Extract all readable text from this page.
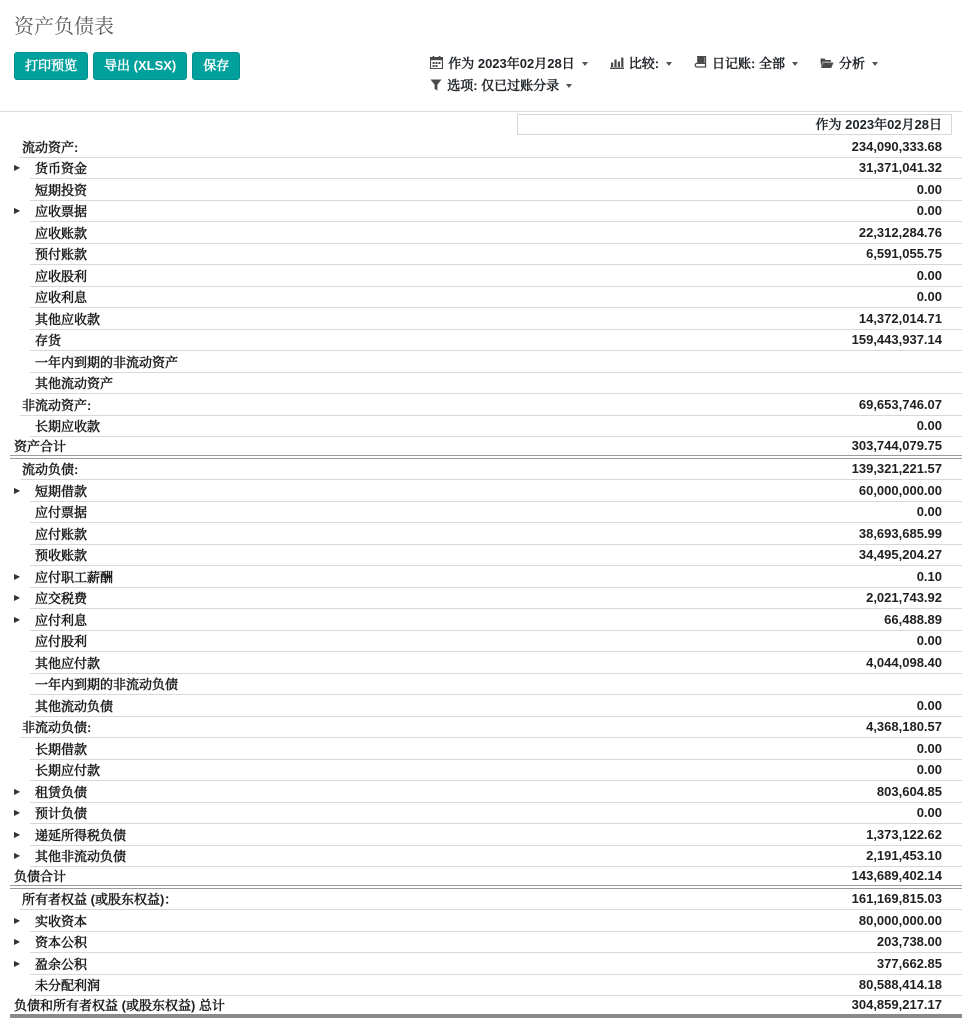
资产负债表
打印预览	导出 (XLSX)	保存	作为 2023年02月28日	比较:	日记账: 全部	分析
选项: 仅已过账分录
作为 2023年02月28日
流动资产:	234,090,333.68
▶ 货币资金	31,371,041.32
短期投资	0.00
▶ 应收票据	0.00
应收账款	22,312,284.76
预付账款	6,591,055.75
应收股利	0.00
应收利息	0.00
其他应收款	14,372,014.71
存货	159,443,937.14
一年内到期的非流动资产
其他流动资产
非流动资产:	69,653,746.07
长期应收款	0.00
资产合计	303,744,079.75
流动负债:	139,321,221.57
▶ 短期借款	60,000,000.00
应付票据	0.00
应付账款	38,693,685.99
预收账款	34,495,204.27
▶ 应付职工薪酬	0.10
▶ 应交税费	2,021,743.92
▶ 应付利息	66,488.89
应付股利	0.00
其他应付款	4,044,098.40
一年内到期的非流动负债
其他流动负债	0.00
非流动负债:	4,368,180.57
长期借款	0.00
长期应付款	0.00
▶ 租赁负债	803,604.85
▶ 预计负债	0.00
▶ 递延所得税负债	1,373,122.62
▶ 其他非流动负债	2,191,453.10
负债合计	143,689,402.14
所有者权益 (或股东权益)：	161,169,815.03
▶ 实收资本	80,000,000.00
▶ 资本公积	203,738.00
▶ 盈余公积	377,662.85
未分配利润	80,588,414.18
负债和所有者权益 (或股东权益) 总计	304,859,217.17
